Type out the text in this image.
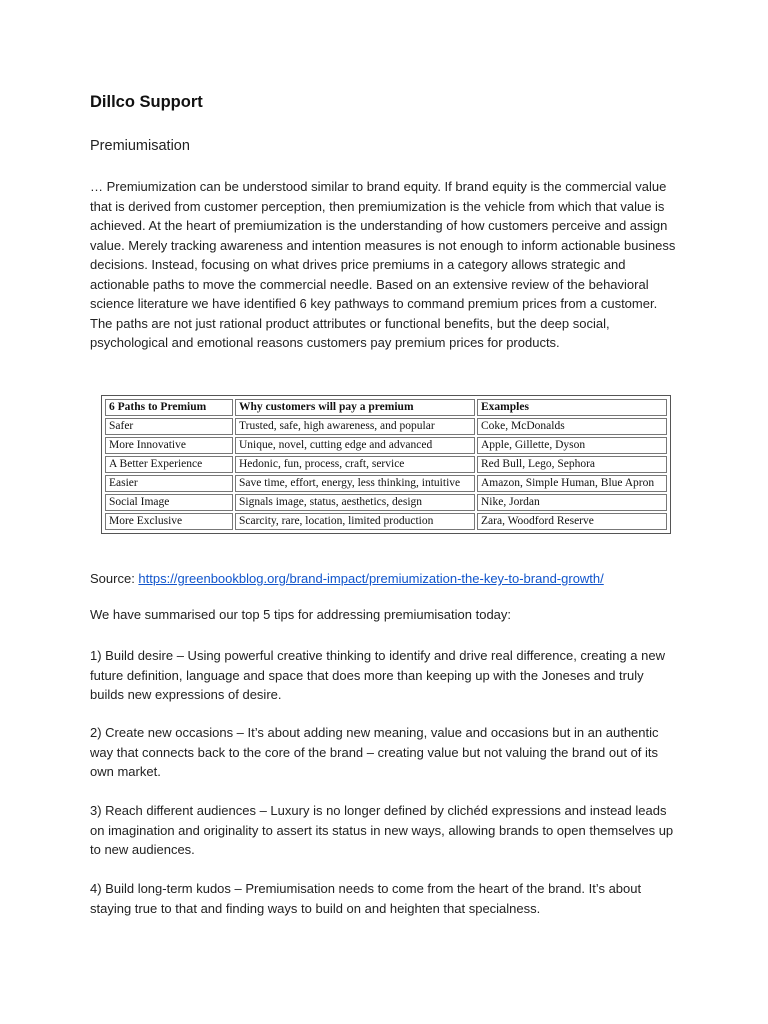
Dillco Support
Premiumisation

… Premiumization can be understood similar to brand equity. If brand equity is the commercial value that is derived from customer perception, then premiumization is the vehicle from which that value is achieved. At the heart of premiumization is the understanding of how customers perceive and assign value. Merely tracking awareness and intention measures is not enough to inform actionable business decisions. Instead, focusing on what drives price premiums in a category allows strategic and actionable paths to move the commercial needle. Based on an extensive review of the behavioral science literature we have identified 6 key pathways to command premium prices from a customer. The paths are not just rational product attributes or functional benefits, but the deep social, psychological and emotional reasons customers pay premium prices for products.

6 Paths to Premium	Why customers will pay a premium	Examples
Safer	Trusted, safe, high awareness, and popular	Coke, McDonalds
More Innovative	Unique, novel, cutting edge and advanced	Apple, Gillette, Dyson
A Better Experience	Hedonic, fun, process, craft, service	Red Bull, Lego, Sephora
Easier	Save time, effort, energy, less thinking, intuitive	Amazon, Simple Human, Blue Apron
Social Image	Signals image, status, aesthetics, design	Nike, Jordan
More Exclusive	Scarcity, rare, location, limited production	Zara, Woodford Reserve

Source: https://greenbookblog.org/brand-impact/premiumization-the-key-to-brand-growth/

We have summarised our top 5 tips for addressing premiumisation today:

1) Build desire – Using powerful creative thinking to identify and drive real difference, creating a new future definition, language and space that does more than keeping up with the Joneses and truly builds new expressions of desire.

2) Create new occasions – It’s about adding new meaning, value and occasions but in an authentic way that connects back to the core of the brand – creating value but not valuing the brand out of its own market.

3) Reach different audiences – Luxury is no longer defined by clichéd expressions and instead leads on imagination and originality to assert its status in new ways, allowing brands to open themselves up to new audiences.

4) Build long-term kudos – Premiumisation needs to come from the heart of the brand. It’s about staying true to that and finding ways to build on and heighten that specialness.
